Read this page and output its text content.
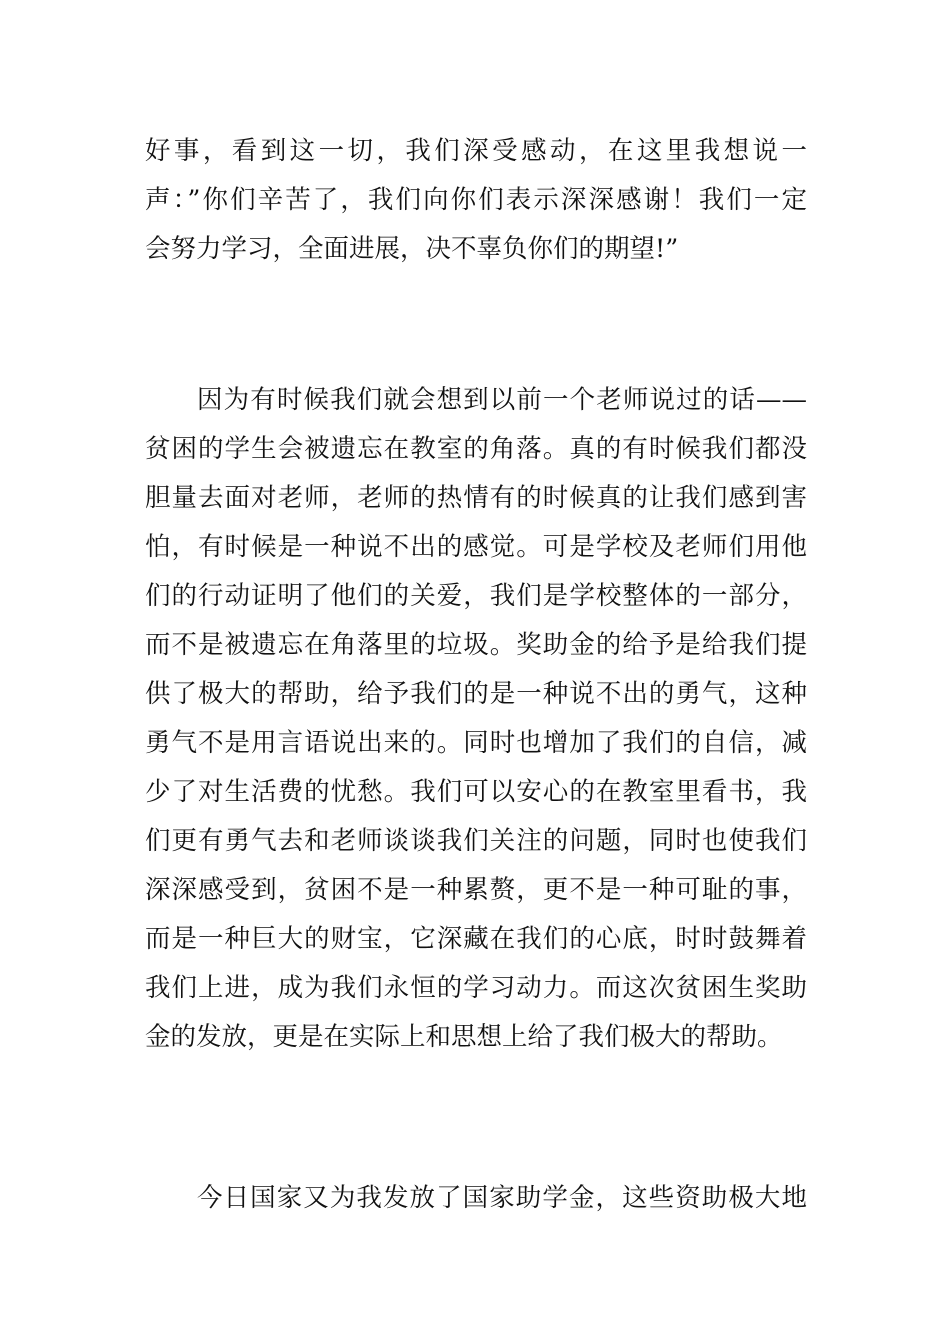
好事，看到这一切，我们深受感动，在这里我想说一
声：”你们辛苦了，我们向你们表示深深感谢！我们一定
会努力学习，全面进展，决不辜负你们的期望!”
因为有时候我们就会想到以前一个老师说过的话——
贫困的学生会被遗忘在教室的角落。真的有时候我们都没
胆量去面对老师，老师的热情有的时候真的让我们感到害
怕，有时候是一种说不出的感觉。可是学校及老师们用他
们的行动证明了他们的关爱，我们是学校整体的一部分，
而不是被遗忘在角落里的垃圾。奖助金的给予是给我们提
供了极大的帮助，给予我们的是一种说不出的勇气，这种
勇气不是用言语说出来的。同时也增加了我们的自信，减
少了对生活费的忧愁。我们可以安心的在教室里看书，我
们更有勇气去和老师谈谈我们关注的问题，同时也使我们
深深感受到，贫困不是一种累赘，更不是一种可耻的事，
而是一种巨大的财宝，它深藏在我们的心底，时时鼓舞着
我们上进，成为我们永恒的学习动力。而这次贫困生奖助
金的发放，更是在实际上和思想上给了我们极大的帮助。
今日国家又为我发放了国家助学金，这些资助极大地
